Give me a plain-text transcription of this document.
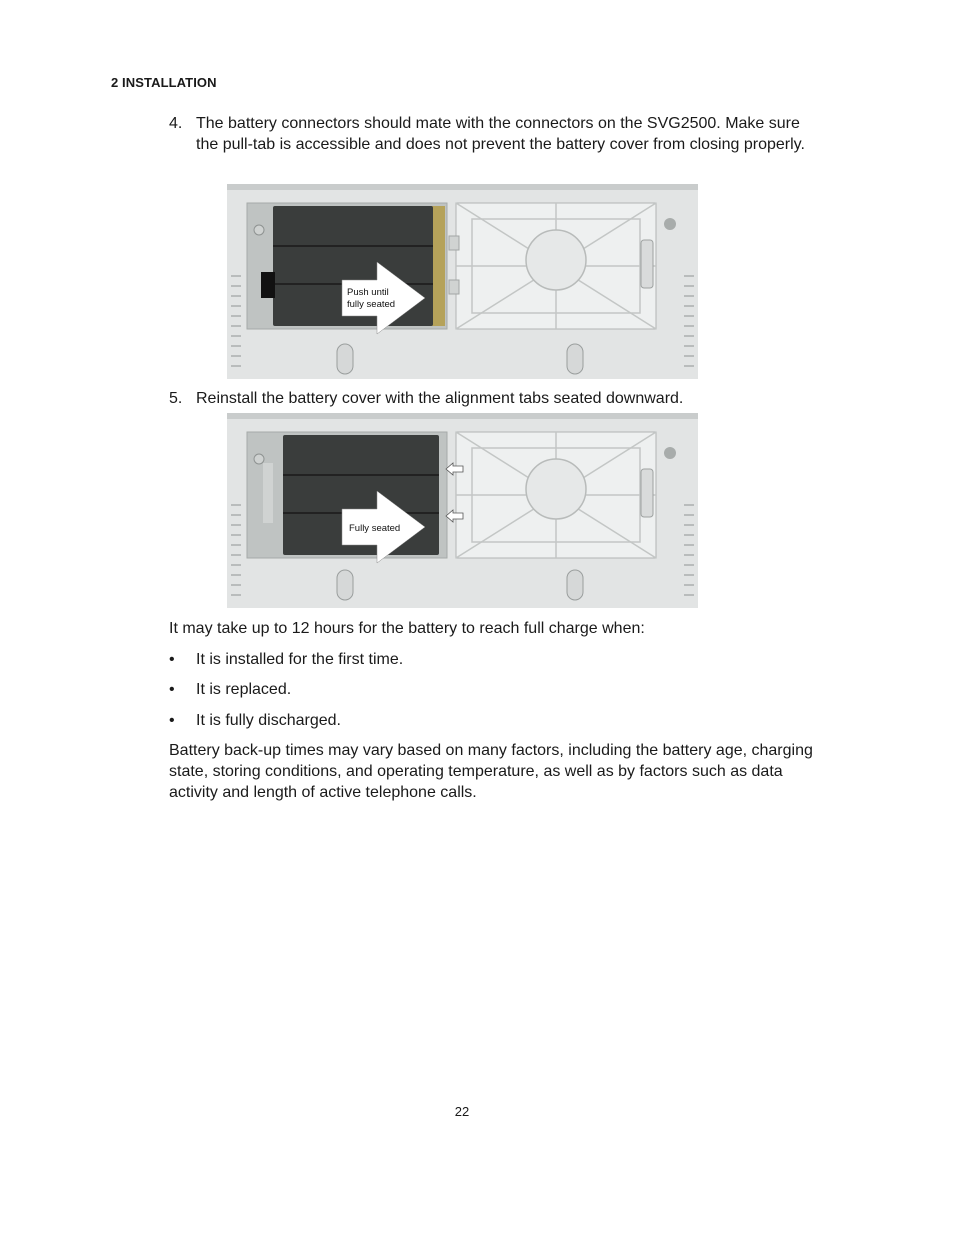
2 INSTALLATION
4. The battery connectors should mate with the connectors on the SVG2500. Make sure the pull-tab is accessible and does not prevent the battery cover from closing properly.
Push until
fully seated
5. Reinstall the battery cover with the alignment tabs seated downward.
Fully seated
It may take up to 12 hours for the battery to reach full charge when:
• It is installed for the first time.
• It is replaced.
• It is fully discharged.
Battery back-up times may vary based on many factors, including the battery age, charging state, storing conditions, and operating temperature, as well as by factors such as data activity and length of active telephone calls.
22
